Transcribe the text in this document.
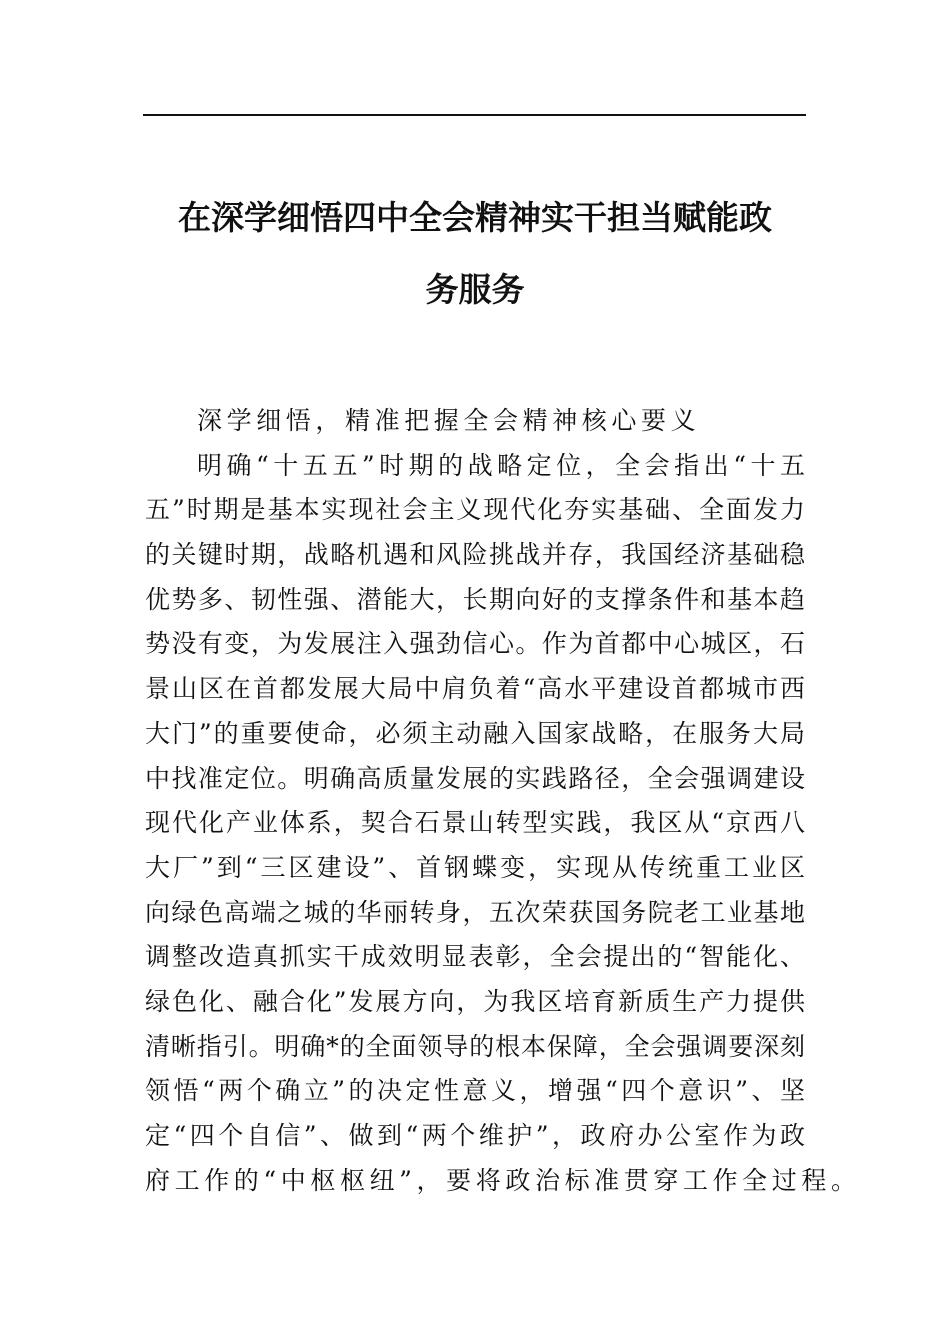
在深学细悟四中全会精神实干担当赋能政
务服务
深学细悟，精准把握全会精神核心要义
明确“十五五”时期的战略定位，全会指出“十五
五”时期是基本实现社会主义现代化夯实基础、全面发力
的关键时期，战略机遇和风险挑战并存，我国经济基础稳
优势多、韧性强、潜能大，长期向好的支撑条件和基本趋
势没有变，为发展注入强劲信心。作为首都中心城区，石
景山区在首都发展大局中肩负着“高水平建设首都城市西
大门”的重要使命，必须主动融入国家战略，在服务大局
中找准定位。明确高质量发展的实践路径，全会强调建设
现代化产业体系，契合石景山转型实践，我区从“京西八
大厂”到“三区建设”、首钢蝶变，实现从传统重工业区
向绿色高端之城的华丽转身，五次荣获国务院老工业基地
调整改造真抓实干成效明显表彰，全会提出的“智能化、
绿色化、融合化”发展方向，为我区培育新质生产力提供
清晰指引。明确*的全面领导的根本保障，全会强调要深刻
领悟“两个确立”的决定性意义，增强“四个意识”、坚
定“四个自信”、做到“两个维护”，政府办公室作为政
府工作的“中枢枢纽”，要将政治标准贯穿工作全过程。
